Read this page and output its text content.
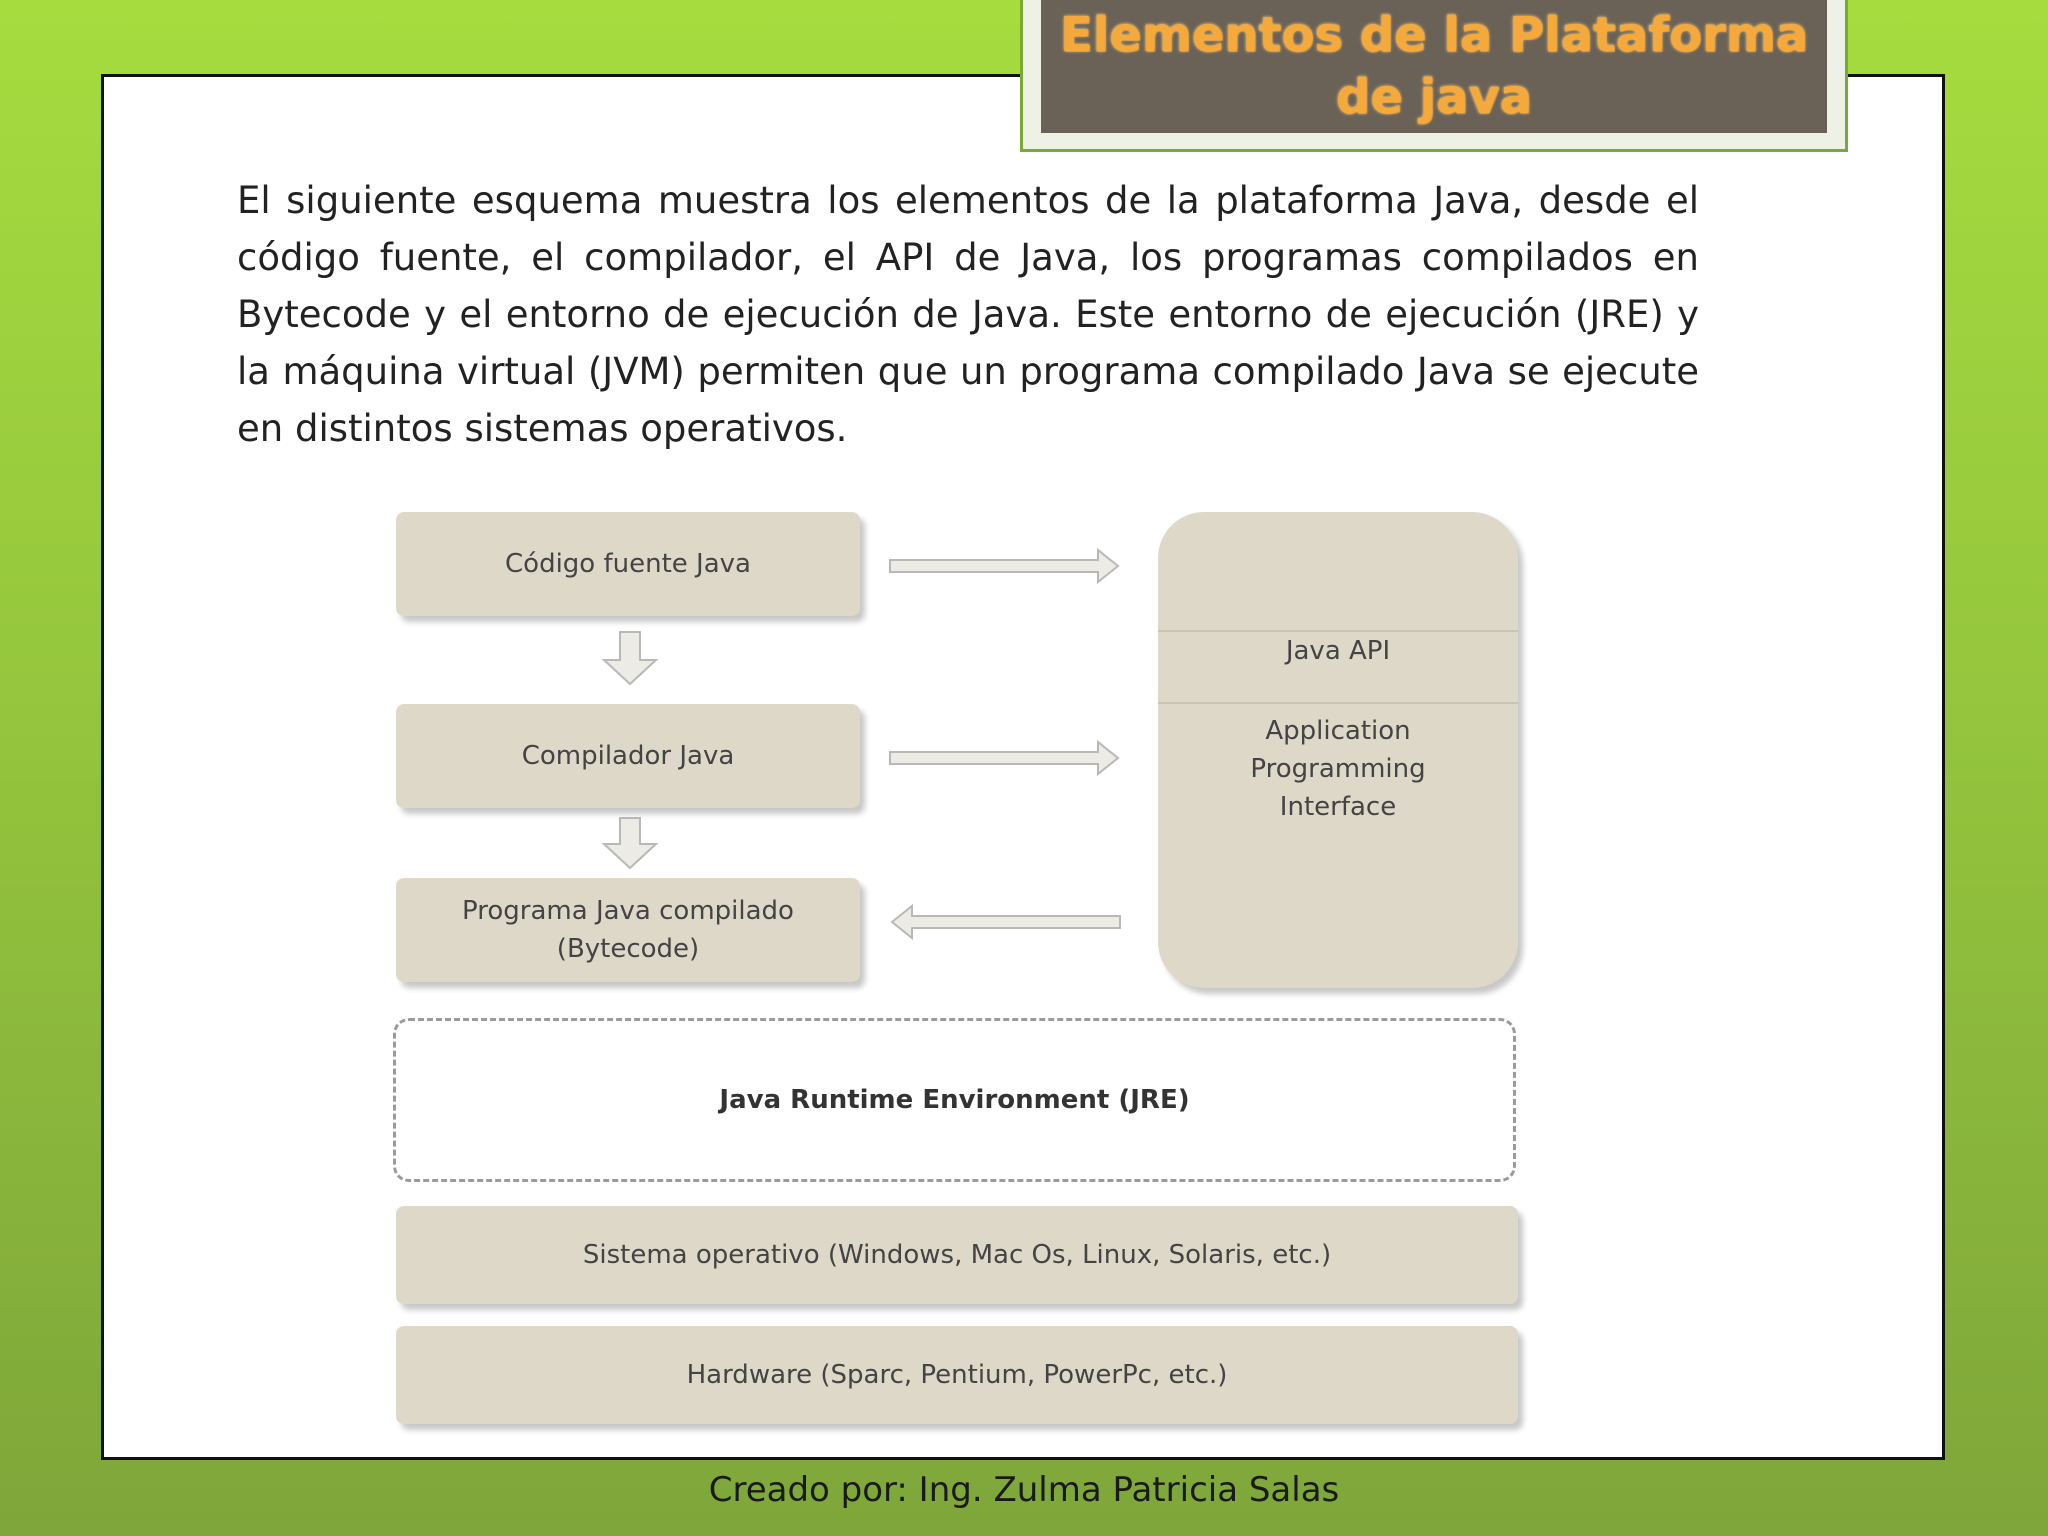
Elementos de la Plataforma de java
El siguiente esquema muestra los elementos de la plataforma Java, desde el código fuente, el compilador, el API de Java, los programas compilados en Bytecode y el entorno de ejecución de Java. Este entorno de ejecución (JRE) y la máquina virtual (JVM) permiten que un programa compilado Java se ejecute en distintos sistemas operativos.
Código fuente Java
Compilador Java
Programa Java compilado
(Bytecode)
Java API
Application
Programming
Interface
Java Runtime Environment (JRE)
Sistema operativo (Windows, Mac Os, Linux, Solaris, etc.)
Hardware (Sparc, Pentium, PowerPc, etc.)
Creado por: Ing. Zulma Patricia Salas
